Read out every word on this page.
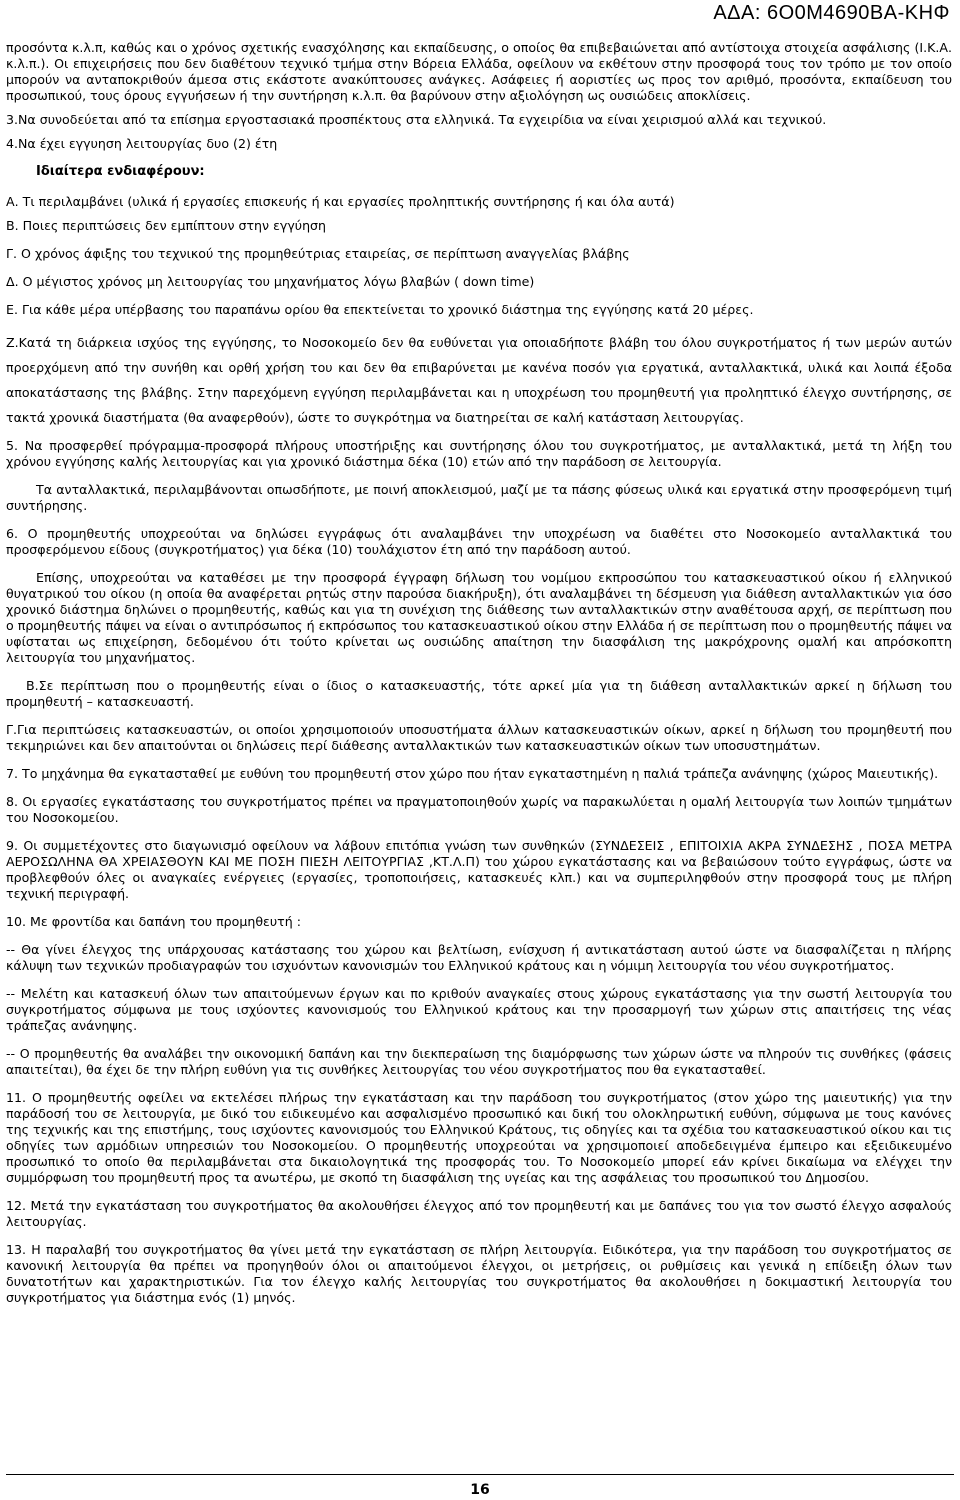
ΑΔΑ: 6Ο0Μ4690ΒΑ-ΚΗΦ

προσόντα κ.λ.π, καθώς και ο χρόνος σχετικής ενασχόλησης και εκπαίδευσης, ο οποίος θα επιβεβαιώνεται από αντίστοιχα στοιχεία ασφάλισης (Ι.Κ.Α. κ.λ.π.). Οι επιχειρήσεις που δεν διαθέτουν τεχνικό τμήμα στην Βόρεια Ελλάδα, οφείλουν να εκθέτουν στην προσφορά τους τον τρόπο με τον οποίο μπορούν να ανταποκριθούν άμεσα στις εκάστοτε ανακύπτουσες ανάγκες. Ασάφειες ή αοριστίες ως προς τον αριθμό, προσόντα, εκπαίδευση του προσωπικού, τους όρους εγγυήσεων ή την συντήρηση κ.λ.π. θα βαρύνουν στην αξιολόγηση ως ουσιώδεις αποκλίσεις.

3.Να συνοδεύεται από τα επίσημα εργοστασιακά προσπέκτους στα ελληνικά. Τα εγχειρίδια να είναι χειρισμού αλλά και τεχνικού.

4.Να έχει εγγυηση λειτουργίας δυο (2) έτη

Ιδιαίτερα ενδιαφέρουν:

Α. Τι περιλαμβάνει (υλικά ή εργασίες επισκευής ή και εργασίες προληπτικής συντήρησης ή και όλα αυτά)

Β. Ποιες περιπτώσεις δεν εμπίπτουν στην εγγύηση

Γ. Ο χρόνος άφιξης του τεχνικού της προμηθεύτριας εταιρείας, σε περίπτωση αναγγελίας βλάβης

Δ. Ο μέγιστος χρόνος μη λειτουργίας του μηχανήματος λόγω βλαβών ( down time)

Ε. Για κάθε μέρα υπέρβασης του παραπάνω ορίου θα επεκτείνεται το χρονικό διάστημα της εγγύησης κατά 20 μέρες.

Ζ.Κατά τη διάρκεια ισχύος της εγγύησης, το Νοσοκομείο δεν θα ευθύνεται για οποιαδήποτε βλάβη του όλου συγκροτήματος ή των μερών αυτών προερχόμενη από την συνήθη και ορθή χρήση του και δεν θα επιβαρύνεται με κανένα ποσόν για εργατικά, ανταλλακτικά, υλικά και λοιπά έξοδα αποκατάστασης της βλάβης. Στην παρεχόμενη εγγύηση περιλαμβάνεται και η υποχρέωση του προμηθευτή για προληπτικό έλεγχο συντήρησης, σε τακτά χρονικά διαστήματα (θα αναφερθούν), ώστε το συγκρότημα να διατηρείται σε καλή κατάσταση λειτουργίας.

5. Να προσφερθεί πρόγραμμα-προσφορά πλήρους υποστήριξης και συντήρησης όλου του συγκροτήματος, με ανταλλακτικά, μετά τη λήξη του χρόνου εγγύησης καλής λειτουργίας και για χρονικό διάστημα δέκα (10) ετών από την παράδοση σε λειτουργία.

Τα ανταλλακτικά, περιλαμβάνονται οπωσδήποτε, με ποινή αποκλεισμού, μαζί με τα πάσης φύσεως υλικά και εργατικά στην προσφερόμενη τιμή συντήρησης.

6. Ο προμηθευτής υποχρεούται να δηλώσει εγγράφως ότι αναλαμβάνει την υποχρέωση να διαθέτει στο Νοσοκομείο ανταλλακτικά του προσφερόμενου είδους (συγκροτήματος) για δέκα (10) τουλάχιστον έτη από την παράδοση αυτού.

Επίσης, υποχρεούται να καταθέσει με την προσφορά έγγραφη δήλωση του νομίμου εκπροσώπου του κατασκευαστικού οίκου ή ελληνικού θυγατρικού του οίκου (η οποία θα αναφέρεται ρητώς στην παρούσα διακήρυξη), ότι αναλαμβάνει τη δέσμευση για διάθεση ανταλλακτικών για όσο χρονικό διάστημα δηλώνει ο προμηθευτής, καθώς και για τη συνέχιση της διάθεσης των ανταλλακτικών στην αναθέτουσα αρχή, σε περίπτωση που ο προμηθευτής πάψει να είναι ο αντιπρόσωπος ή εκπρόσωπος του κατασκευαστικού οίκου στην Ελλάδα ή σε περίπτωση που ο προμηθευτής πάψει να υφίσταται ως επιχείρηση, δεδομένου ότι τούτο κρίνεται ως ουσιώδης απαίτηση την διασφάλιση της μακρόχρονης ομαλή και απρόσκοπτη λειτουργία του μηχανήματος.

Β.Σε περίπτωση που ο προμηθευτής είναι ο ίδιος ο κατασκευαστής, τότε αρκεί μία για τη διάθεση ανταλλακτικών αρκεί η δήλωση του προμηθευτή – κατασκευαστή.

Γ.Για περιπτώσεις κατασκευαστών, οι οποίοι χρησιμοποιούν υποσυστήματα άλλων κατασκευαστικών οίκων, αρκεί η δήλωση του προμηθευτή που τεκμηριώνει και δεν απαιτούνται οι δηλώσεις περί διάθεσης ανταλλακτικών των κατασκευαστικών οίκων των υποσυστημάτων.

7. Το μηχάνημα θα εγκατασταθεί με ευθύνη του προμηθευτή στον χώρο που ήταν εγκαταστημένη η παλιά τράπεζα ανάνηψης (χώρος Μαιευτικής).

8. Οι εργασίες εγκατάστασης του συγκροτήματος πρέπει να πραγματοποιηθούν χωρίς να παρακωλύεται η ομαλή λειτουργία των λοιπών τμημάτων του Νοσοκομείου.

9. Οι συμμετέχοντες στο διαγωνισμό οφείλουν να λάβουν επιτόπια γνώση των συνθηκών (ΣΥΝΔΕΣΕΙΣ , ΕΠΙΤΟΙΧΙΑ ΑΚΡΑ ΣΥΝΔΕΣΗΣ , ΠΟΣΑ ΜΕΤΡΑ ΑΕΡΟΣΩΛΗΝΑ ΘΑ ΧΡΕΙΑΣΘΟΥΝ ΚΑΙ ΜΕ ΠΟΣΗ ΠΙΕΣΗ ΛΕΙΤΟΥΡΓΙΑΣ ,ΚΤ.Λ.Π) του χώρου εγκατάστασης και να βεβαιώσουν τούτο εγγράφως, ώστε να προβλεφθούν όλες οι αναγκαίες ενέργειες (εργασίες, τροποποιήσεις, κατασκευές κλπ.) και να συμπεριληφθούν στην προσφορά τους με πλήρη τεχνική περιγραφή.

10. Με φροντίδα και δαπάνη του προμηθευτή :

-- Θα γίνει έλεγχος της υπάρχουσας κατάστασης του χώρου και βελτίωση, ενίσχυση ή αντικατάσταση αυτού ώστε να διασφαλίζεται η πλήρης κάλυψη των τεχνικών προδιαγραφών του ισχυόντων κανονισμών του Ελληνικού κράτους και η νόμιμη λειτουργία του νέου συγκροτήματος.

-- Μελέτη και κατασκευή όλων των απαιτούμενων έργων και πο κριθούν αναγκαίες στους χώρους εγκατάστασης για την σωστή λειτουργία του συγκροτήματος σύμφωνα με τους ισχύοντες κανονισμούς του Ελληνικού κράτους και την προσαρμογή των χώρων στις απαιτήσεις της νέας τράπεζας ανάνηψης.

-- Ο προμηθευτής θα αναλάβει την οικονομική δαπάνη και την διεκπεραίωση της διαμόρφωσης των χώρων ώστε να πληρούν τις συνθήκες (φάσεις απαιτείται), θα έχει δε την πλήρη ευθύνη για τις συνθήκες λειτουργίας του νέου συγκροτήματος που θα εγκατασταθεί.

11. Ο προμηθευτής οφείλει να εκτελέσει πλήρως την εγκατάσταση και την παράδοση του συγκροτήματος (στον χώρο της μαιευτικής) για την παράδοσή του σε λειτουργία, με δικό του ειδικευμένο και ασφαλισμένο προσωπικό και δική του ολοκληρωτική ευθύνη, σύμφωνα με τους κανόνες της τεχνικής και της επιστήμης, τους ισχύοντες κανονισμούς του Ελληνικού Κράτους, τις οδηγίες και τα σχέδια του κατασκευαστικού οίκου και τις οδηγίες των αρμόδιων υπηρεσιών του Νοσοκομείου. Ο προμηθευτής υποχρεούται να χρησιμοποιεί αποδεδειγμένα έμπειρο και εξειδικευμένο προσωπικό το οποίο θα περιλαμβάνεται στα δικαιολογητικά της προσφοράς του. Το Νοσοκομείο μπορεί εάν κρίνει δικαίωμα να ελέγχει την συμμόρφωση του προμηθευτή προς τα ανωτέρω, με σκοπό τη διασφάλιση της υγείας και της ασφάλειας του προσωπικού του Δημοσίου.

12. Μετά την εγκατάσταση του συγκροτήματος θα ακολουθήσει έλεγχος από τον προμηθευτή και με δαπάνες του για τον σωστό έλεγχο ασφαλούς λειτουργίας.

13. Η παραλαβή του συγκροτήματος θα γίνει μετά την εγκατάσταση σε πλήρη λειτουργία. Ειδικότερα, για την παράδοση του συγκροτήματος σε κανονική λειτουργία θα πρέπει να προηγηθούν όλοι οι απαιτούμενοι έλεγχοι, οι μετρήσεις, οι ρυθμίσεις και γενικά η επίδειξη όλων των δυνατοτήτων και χαρακτηριστικών. Για τον έλεγχο καλής λειτουργίας του συγκροτήματος θα ακολουθήσει η δοκιμαστική λειτουργία του συγκροτήματος για διάστημα ενός (1) μηνός.

16
